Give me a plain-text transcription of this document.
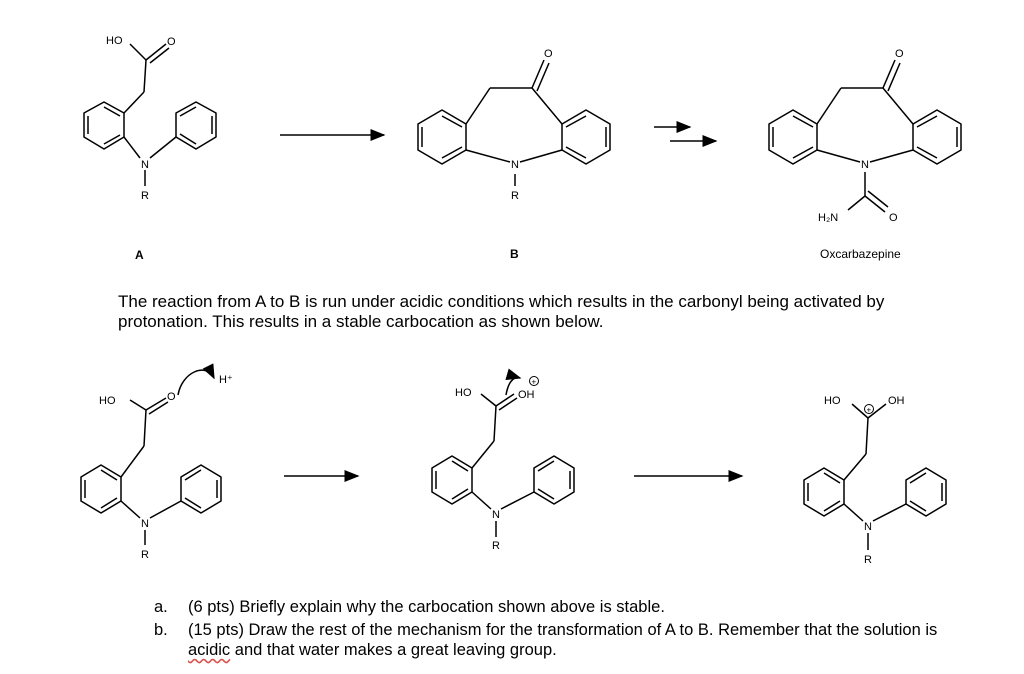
HO	O
N
R
A
O
N
R
B
O
N
H₂N	O
Oxcarbazepine
HO	O
H⁺
N
R
HO	OH
+
N
R
HO	OH
+
N
R
The reaction from A to B is run under acidic conditions which results in the carbonyl being activated by protonation. This results in a stable carbocation as shown below.
a. (6 pts) Briefly explain why the carbocation shown above is stable.
b. (15 pts) Draw the rest of the mechanism for the transformation of A to B. Remember that the solution is acidic and that water makes a great leaving group.
